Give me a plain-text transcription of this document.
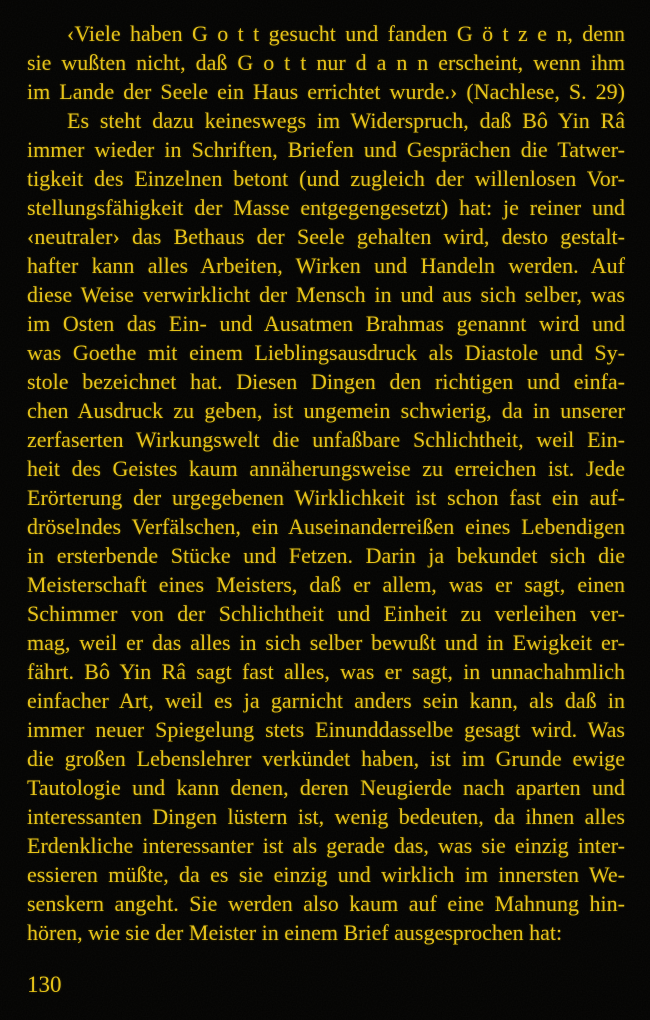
‹Viele haben G o t t gesucht und fanden G ö t z e n, denn
sie wußten nicht, daß G o t t nur d a n n erscheint, wenn ihm
im Lande der Seele ein Haus errichtet wurde.› (Nachlese, S. 29)
Es steht dazu keineswegs im Widerspruch, daß Bô Yin Râ
immer wieder in Schriften, Briefen und Gesprächen die Tatwer-
tigkeit des Einzelnen betont (und zugleich der willenlosen Vor-
stellungsfähigkeit der Masse entgegengesetzt) hat: je reiner und
‹neutraler› das Bethaus der Seele gehalten wird, desto gestalt-
hafter kann alles Arbeiten, Wirken und Handeln werden. Auf
diese Weise verwirklicht der Mensch in und aus sich selber, was
im Osten das Ein- und Ausatmen Brahmas genannt wird und
was Goethe mit einem Lieblingsausdruck als Diastole und Sy-
stole bezeichnet hat. Diesen Dingen den richtigen und einfa-
chen Ausdruck zu geben, ist ungemein schwierig, da in unserer
zerfaserten Wirkungswelt die unfaßbare Schlichtheit, weil Ein-
heit des Geistes kaum annäherungsweise zu erreichen ist. Jede
Erörterung der urgegebenen Wirklichkeit ist schon fast ein auf-
dröselndes Verfälschen, ein Auseinanderreißen eines Lebendigen
in ersterbende Stücke und Fetzen. Darin ja bekundet sich die
Meisterschaft eines Meisters, daß er allem, was er sagt, einen
Schimmer von der Schlichtheit und Einheit zu verleihen ver-
mag, weil er das alles in sich selber bewußt und in Ewigkeit er-
fährt. Bô Yin Râ sagt fast alles, was er sagt, in unnachahmlich
einfacher Art, weil es ja garnicht anders sein kann, als daß in
immer neuer Spiegelung stets Einunddasselbe gesagt wird. Was
die großen Lebenslehrer verkündet haben, ist im Grunde ewige
Tautologie und kann denen, deren Neugierde nach aparten und
interessanten Dingen lüstern ist, wenig bedeuten, da ihnen alles
Erdenkliche interessanter ist als gerade das, was sie einzig inter-
essieren müßte, da es sie einzig und wirklich im innersten We-
senskern angeht. Sie werden also kaum auf eine Mahnung hin-
hören, wie sie der Meister in einem Brief ausgesprochen hat:
130
